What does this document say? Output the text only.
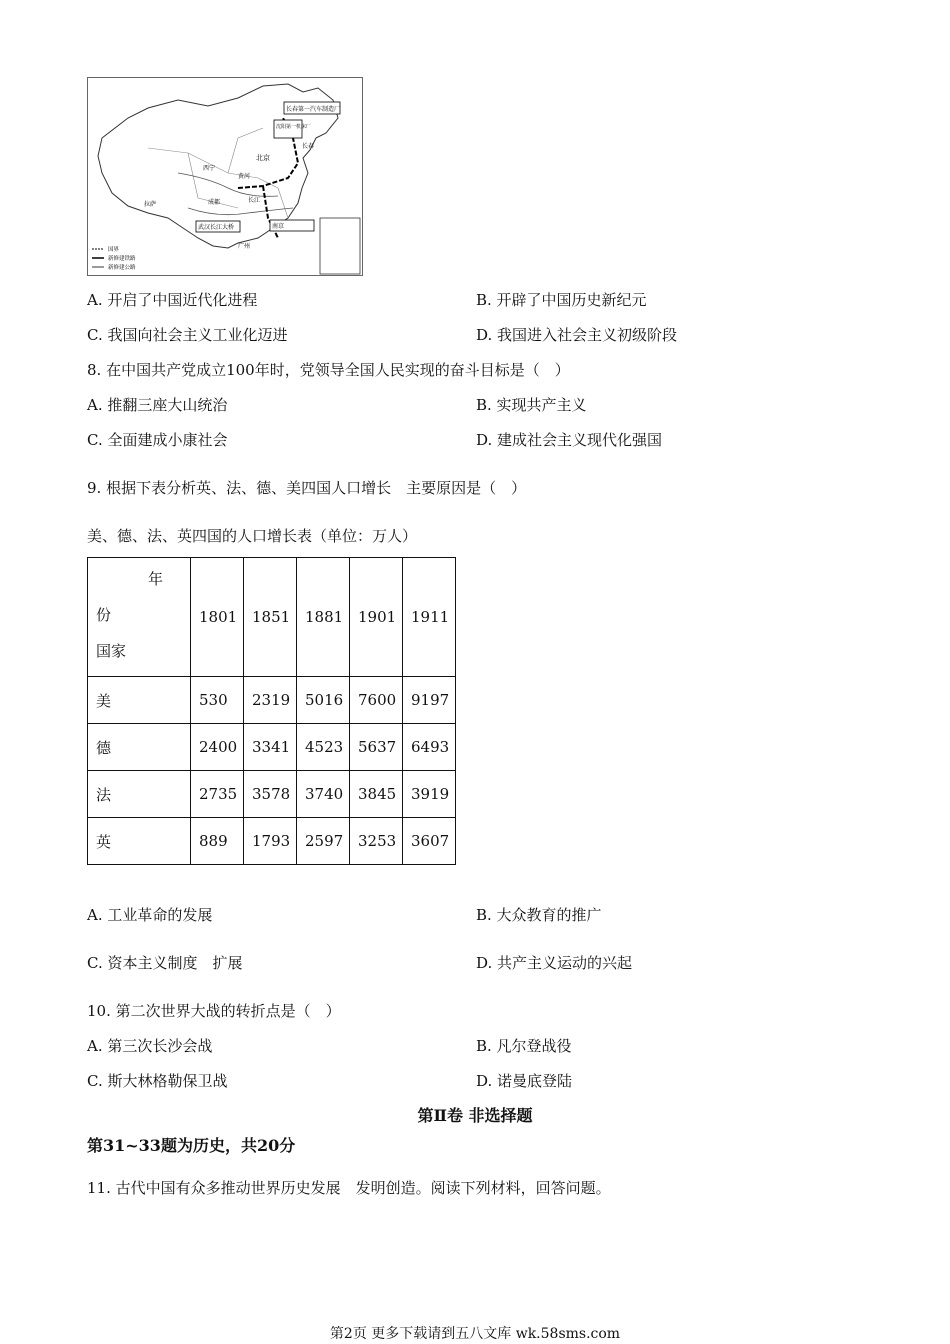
长春第一汽车制造厂
沈阳第一机床厂
北京
西宁
成都
拉萨
武汉长江大桥	南京
长江
黄河
广州
长春
国界
新修建铁路
新修建公路
A. 开启了中国近代化进程	B. 开辟了中国历史新纪元
C. 我国向社会主义工业化迈进	D. 我国进入社会主义初级阶段
8. 在中国共产党成立100年时，党领导全国人民实现的奋斗目标是（　）
A. 推翻三座大山统治	B. 实现共产主义
C. 全面建成小康社会	D. 建成社会主义现代化强国
9. 根据下表分析英、法、德、美四国人口增长　主要原因是（　）
美、德、法、英四国的人口增长表（单位：万人）
年
份
国家	1801	1851	1881	1901	1911
美	530	2319	5016	7600	9197
德	2400	3341	4523	5637	6493
法	2735	3578	3740	3845	3919
英	889	1793	2597	3253	3607
A. 工业革命的发展	B. 大众教育的推广
C. 资本主义制度　扩展	D. 共产主义运动的兴起
10. 第二次世界大战的转折点是（　）
A. 第三次长沙会战	B. 凡尔登战役
C. 斯大林格勒保卫战	D. 诺曼底登陆
第Ⅱ卷 非选择题
第31~33题为历史，共20分
11. 古代中国有众多推动世界历史发展　发明创造。阅读下列材料，回答问题。
第2页 更多下载请到五八文库 wk.58sms.com
